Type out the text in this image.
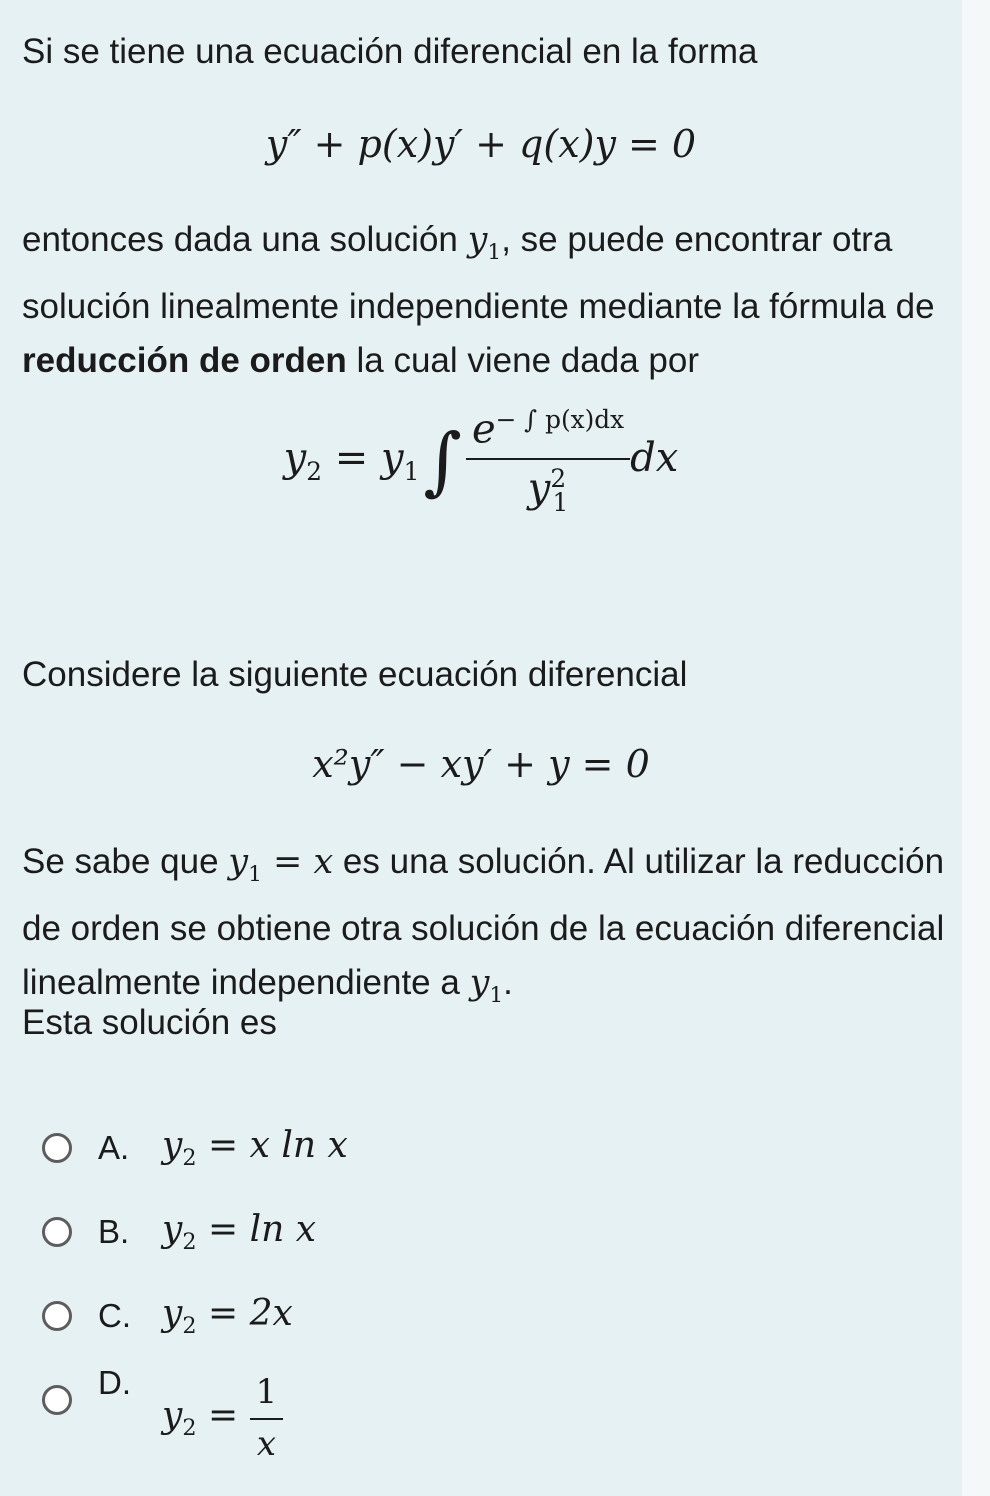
Si se tiene una ecuación diferencial en la forma

y″ + p(x)y′ + q(x)y = 0

entonces dada una solución $y_1$, se puede encontrar otra solución linealmente independiente mediante la fórmula de reducción de orden la cual viene dada por

$y_2 = y_1\int \frac{e^{- \int p(x)dx}}{y^2_1}$ dx

Considere la siguiente ecuación diferencial

x²y″ − xy′ + y = 0

Se sabe que $y_1 = x$ es una solución. Al utilizar la reducción de orden se obtiene otra solución de la ecuación diferencial linealmente independiente a $y_1$.

Esta solución es

A. $y_2 = x$ ln x
B. $y_2 = \ln x$
C. $y_2 = 2x$
D.
$y_2 = \frac{1}{x}$
